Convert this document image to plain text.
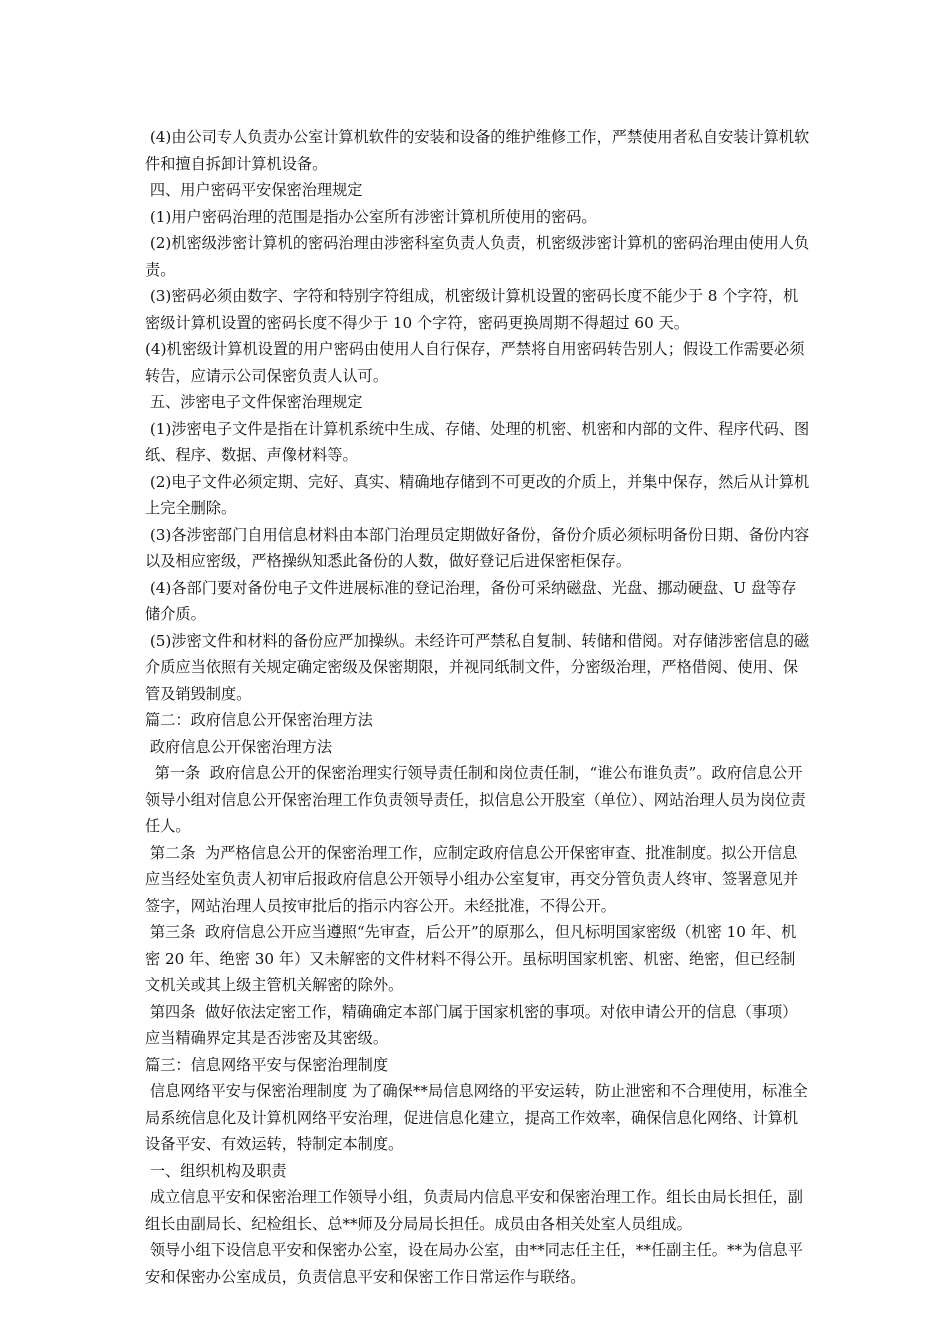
(4)由公司专人负责办公室计算机软件的安装和设备的维护维修工作，严禁使用者私自安装计算机软件和擅自拆卸计算机设备。

四、用户密码平安保密治理规定

(1)用户密码治理的范围是指办公室所有涉密计算机所使用的密码。

(2)机密级涉密计算机的密码治理由涉密科室负责人负责，机密级涉密计算机的密码治理由使用人负责。

(3)密码必须由数字、字符和特别字符组成，机密级计算机设置的密码长度不能少于 8 个字符，机密级计算机设置的密码长度不得少于 10 个字符，密码更换周期不得超过 60 天。

(4)机密级计算机设置的用户密码由使用人自行保存，严禁将自用密码转告别人；假设工作需要必须转告，应请示公司保密负责人认可。

五、涉密电子文件保密治理规定

(1)涉密电子文件是指在计算机系统中生成、存储、处理的机密、机密和内部的文件、程序代码、图纸、程序、数据、声像材料等。

(2)电子文件必须定期、完好、真实、精确地存储到不可更改的介质上，并集中保存，然后从计算机上完全删除。

(3)各涉密部门自用信息材料由本部门治理员定期做好备份，备份介质必须标明备份日期、备份内容以及相应密级，严格操纵知悉此备份的人数，做好登记后进保密柜保存。

(4)各部门要对备份电子文件进展标准的登记治理，备份可采纳磁盘、光盘、挪动硬盘、U 盘等存储介质。

(5)涉密文件和材料的备份应严加操纵。未经许可严禁私自复制、转储和借阅。对存储涉密信息的磁介质应当依照有关规定确定密级及保密期限，并视同纸制文件，分密级治理，严格借阅、使用、保管及销毁制度。

篇二：政府信息公开保密治理方法

政府信息公开保密治理方法

第一条  政府信息公开的保密治理实行领导责任制和岗位责任制，“谁公布谁负责”。政府信息公开领导小组对信息公开保密治理工作负责领导责任，拟信息公开股室（单位）、网站治理人员为岗位责任人。

第二条  为严格信息公开的保密治理工作，应制定政府信息公开保密审查、批准制度。拟公开信息应当经处室负责人初审后报政府信息公开领导小组办公室复审，再交分管负责人终审、签署意见并签字，网站治理人员按审批后的指示内容公开。未经批准，不得公开。

第三条  政府信息公开应当遵照“先审查，后公开”的原那么，但凡标明国家密级（机密 10 年、机密 20 年、绝密 30 年）又未解密的文件材料不得公开。虽标明国家机密、机密、绝密，但已经制文机关或其上级主管机关解密的除外。

第四条  做好依法定密工作，精确确定本部门属于国家机密的事项。对依申请公开的信息（事项）应当精确界定其是否涉密及其密级。

篇三：信息网络平安与保密治理制度

信息网络平安与保密治理制度 为了确保**局信息网络的平安运转，防止泄密和不合理使用，标准全局系统信息化及计算机网络平安治理，促进信息化建立，提高工作效率，确保信息化网络、计算机设备平安、有效运转，特制定本制度。

一、组织机构及职责

成立信息平安和保密治理工作领导小组，负责局内信息平安和保密治理工作。组长由局长担任，副组长由副局长、纪检组长、总**师及分局局长担任。成员由各相关处室人员组成。

领导小组下设信息平安和保密办公室，设在局办公室，由**同志任主任，**任副主任。**为信息平安和保密办公室成员，负责信息平安和保密工作日常运作与联络。
